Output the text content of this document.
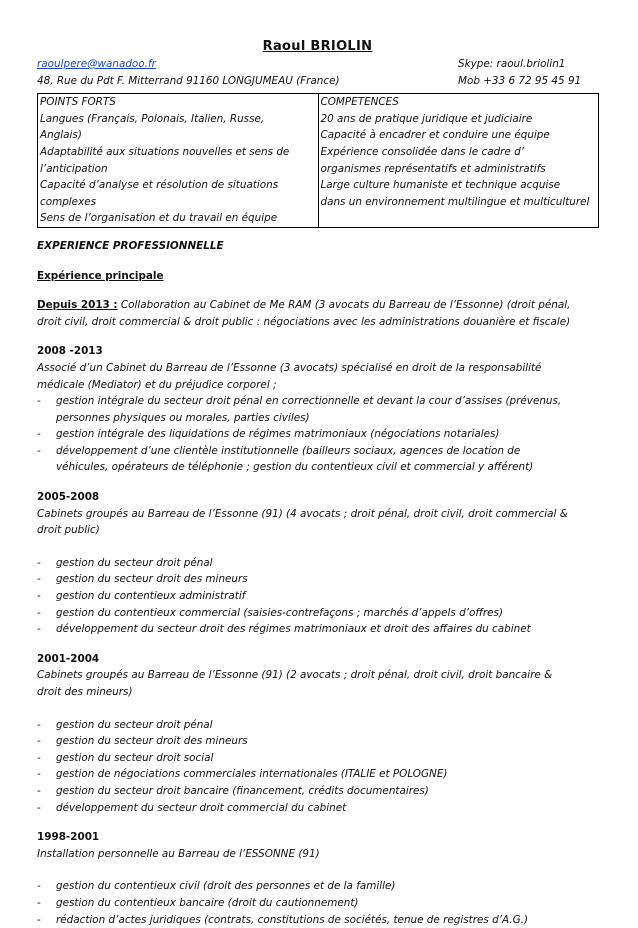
Raoul BRIOLIN
raoulpere@wanadoo.fr	Skype: raoul.briolin1
48, Rue du Pdt F. Mitterrand 91160 LONGJUMEAU (France)	Mob +33 6 72 95 45 91
POINTS FORTS
Langues (Français, Polonais, Italien, Russe,
Anglais)
Adaptabilité aux situations nouvelles et sens de
l’anticipation
Capacité d’analyse et résolution de situations
complexes
Sens de l’organisation et du travail en équipe

COMPETENCES
20 ans de pratique juridique et judiciaire
Capacité à encadrer et conduire une équipe
Expérience consolidée dans le cadre d’
organismes représentatifs et administratifs
Large culture humaniste et technique acquise
dans un environnement multilingue et multiculturel
EXPERIENCE PROFESSIONNELLE
Expérience principale
Depuis 2013 : Collaboration au Cabinet de Me RAM (3 avocats du Barreau de l’Essonne) (droit pénal,
droit civil, droit commercial & droit public : négociations avec les administrations douanière et fiscale)
2008 -2013
Associé d’un Cabinet du Barreau de l’Essonne (3 avocats) spécialisé en droit de la responsabilité
médicale (Mediator) et du préjudice corporel ;
- gestion intégrale du secteur droit pénal en correctionnelle et devant la cour d’assises (prévenus,
personnes physiques ou morales, parties civiles)
- gestion intégrale des liquidations de régimes matrimoniaux (négociations notariales)
- développement d’une clientèle institutionnelle (bailleurs sociaux, agences de location de
véhicules, opérateurs de téléphonie ; gestion du contentieux civil et commercial y afférent)
2005-2008
Cabinets groupés au Barreau de l’Essonne (91) (4 avocats ; droit pénal, droit civil, droit commercial &
droit public)
- gestion du secteur droit pénal
- gestion du secteur droit des mineurs
- gestion du contentieux administratif
- gestion du contentieux commercial (saisies-contrefaçons ; marchés d’appels d’offres)
- développement du secteur droit des régimes matrimoniaux et droit des affaires du cabinet
2001-2004
Cabinets groupés au Barreau de l’Essonne (91) (2 avocats ; droit pénal, droit civil, droit bancaire &
droit des mineurs)
- gestion du secteur droit pénal
- gestion du secteur droit des mineurs
- gestion du secteur droit social
- gestion de négociations commerciales internationales (ITALIE et POLOGNE)
- gestion du secteur droit bancaire (financement, crédits documentaires)
- développement du secteur droit commercial du cabinet
1998-2001
Installation personnelle au Barreau de l’ESSONNE (91)
- gestion du contentieux civil (droit des personnes et de la famille)
- gestion du contentieux bancaire (droit du cautionnement)
- rédaction d’actes juridiques (contrats, constitutions de sociétés, tenue de registres d’A.G.)
